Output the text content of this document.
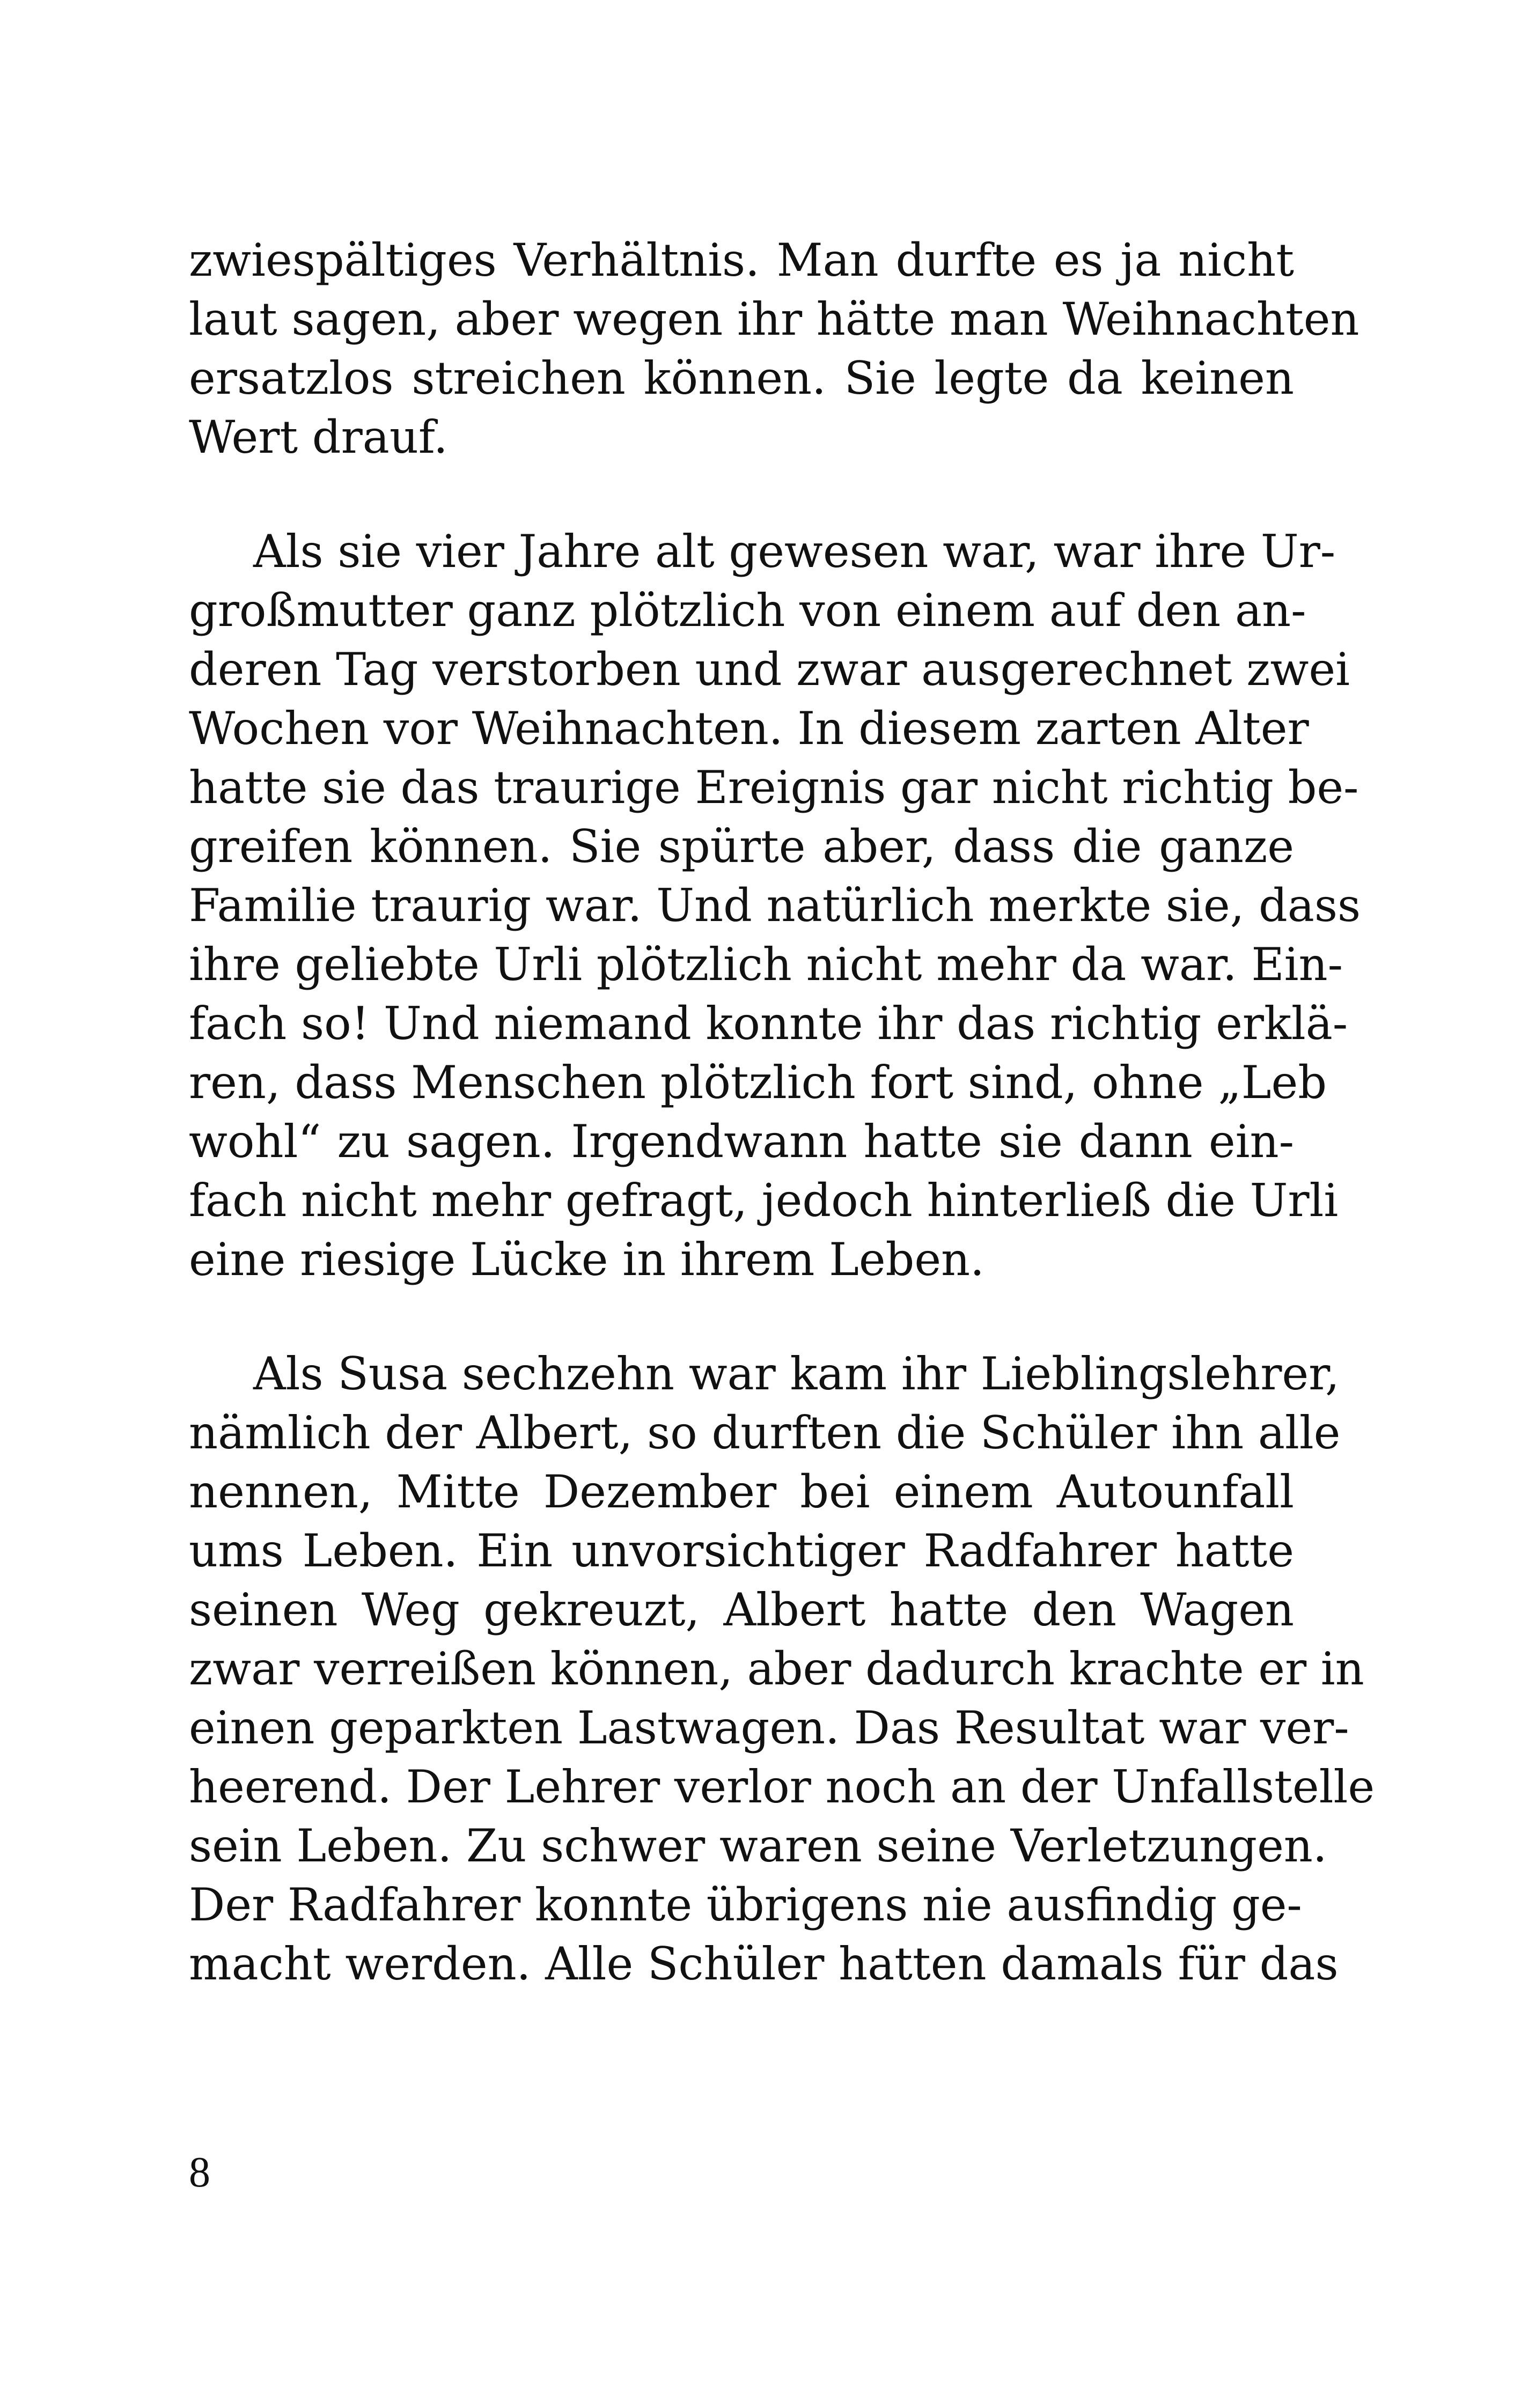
zwiespältiges Verhältnis. Man durfte es ja nicht
laut sagen, aber wegen ihr hätte man Weihnachten
ersatzlos streichen können. Sie legte da keinen
Wert drauf.
Als sie vier Jahre alt gewesen war, war ihre Ur-
großmutter ganz plötzlich von einem auf den an-
deren Tag verstorben und zwar ausgerechnet zwei
Wochen vor Weihnachten. In diesem zarten Alter
hatte sie das traurige Ereignis gar nicht richtig be-
greifen können. Sie spürte aber, dass die ganze
Familie traurig war. Und natürlich merkte sie, dass
ihre geliebte Urli plötzlich nicht mehr da war. Ein-
fach so! Und niemand konnte ihr das richtig erklä-
ren, dass Menschen plötzlich fort sind, ohne „Leb
wohl“ zu sagen. Irgendwann hatte sie dann ein-
fach nicht mehr gefragt, jedoch hinterließ die Urli
eine riesige Lücke in ihrem Leben.
Als Susa sechzehn war kam ihr Lieblingslehrer,
nämlich der Albert, so durften die Schüler ihn alle
nennen, Mitte Dezember bei einem Autounfall
ums Leben. Ein unvorsichtiger Radfahrer hatte
seinen Weg gekreuzt, Albert hatte den Wagen
zwar verreißen können, aber dadurch krachte er in
einen geparkten Lastwagen. Das Resultat war ver-
heerend. Der Lehrer verlor noch an der Unfallstelle
sein Leben. Zu schwer waren seine Verletzungen.
Der Radfahrer konnte übrigens nie ausfindig ge-
macht werden. Alle Schüler hatten damals für das
8
